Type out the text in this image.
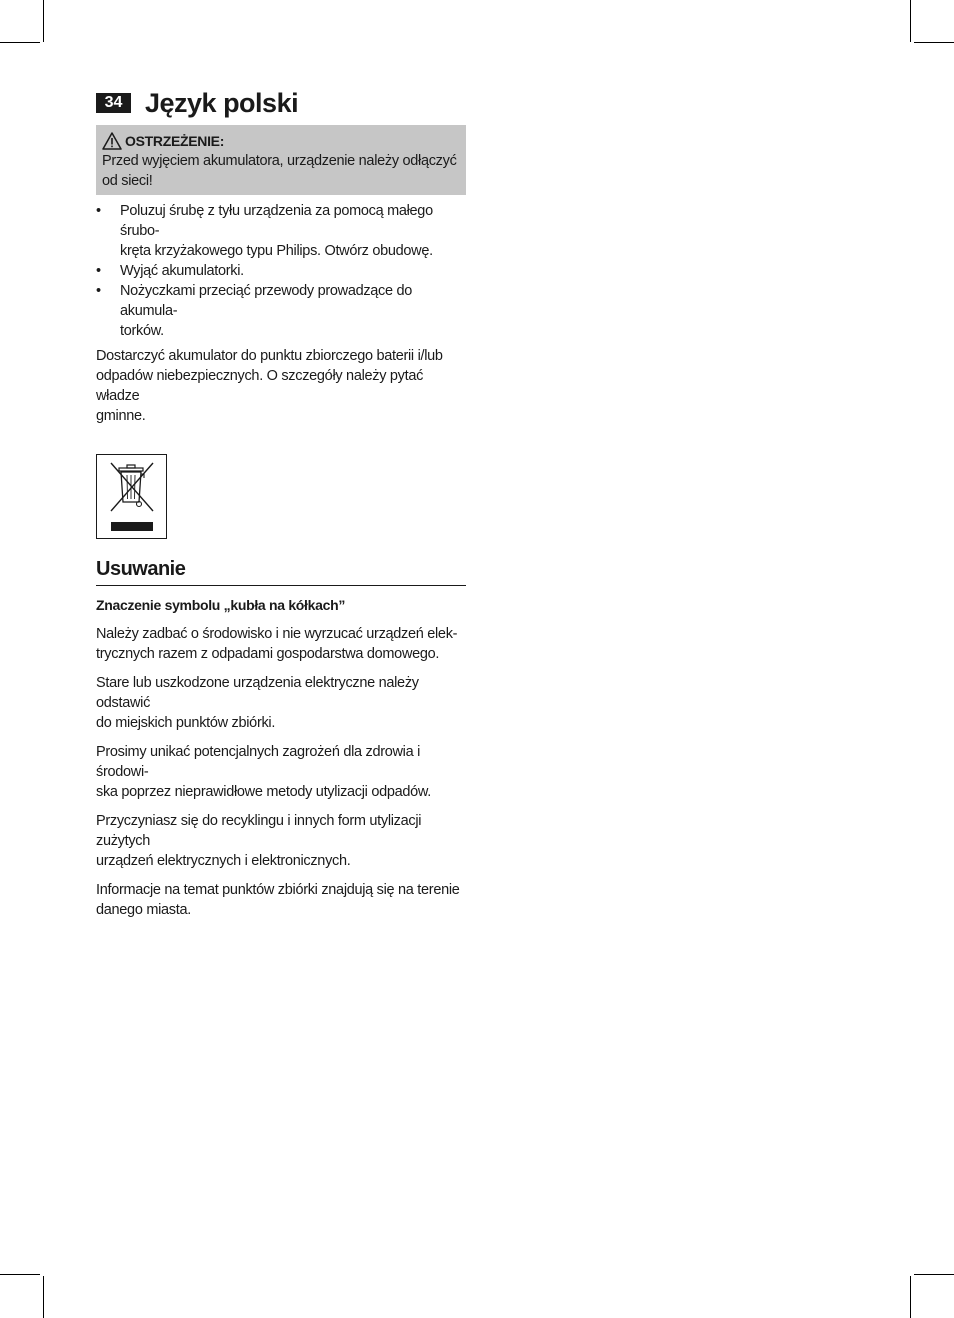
34 Język polski
OSTRZEŻENIE:
Przed wyjęciem akumulatora, urządzenie należy odłączyć
od sieci!
• Poluzuj śrubę z tyłu urządzenia za pomocą małego śrubo-
kręta krzyżakowego typu Philips. Otwórz obudowę.
• Wyjąć akumulatorki.
• Nożyczkami przeciąć przewody prowadzące do akumula-
torków.

Dostarczyć akumulator do punktu zbiorczego baterii i/lub
odpadów niebezpiecznych. O szczegóły należy pytać władze
gminne.

Usuwanie
Znaczenie symbolu „kubła na kółkach”

Należy zadbać o środowisko i nie wyrzucać urządzeń elek-
trycznych razem z odpadami gospodarstwa domowego.

Stare lub uszkodzone urządzenia elektryczne należy odstawić
do miejskich punktów zbiórki.

Prosimy unikać potencjalnych zagrożeń dla zdrowia i środowi-
ska poprzez nieprawidłowe metody utylizacji odpadów.

Przyczyniasz się do recyklingu i innych form utylizacji zużytych
urządzeń elektrycznych i elektronicznych.

Informacje na temat punktów zbiórki znajdują się na terenie
danego miasta.
